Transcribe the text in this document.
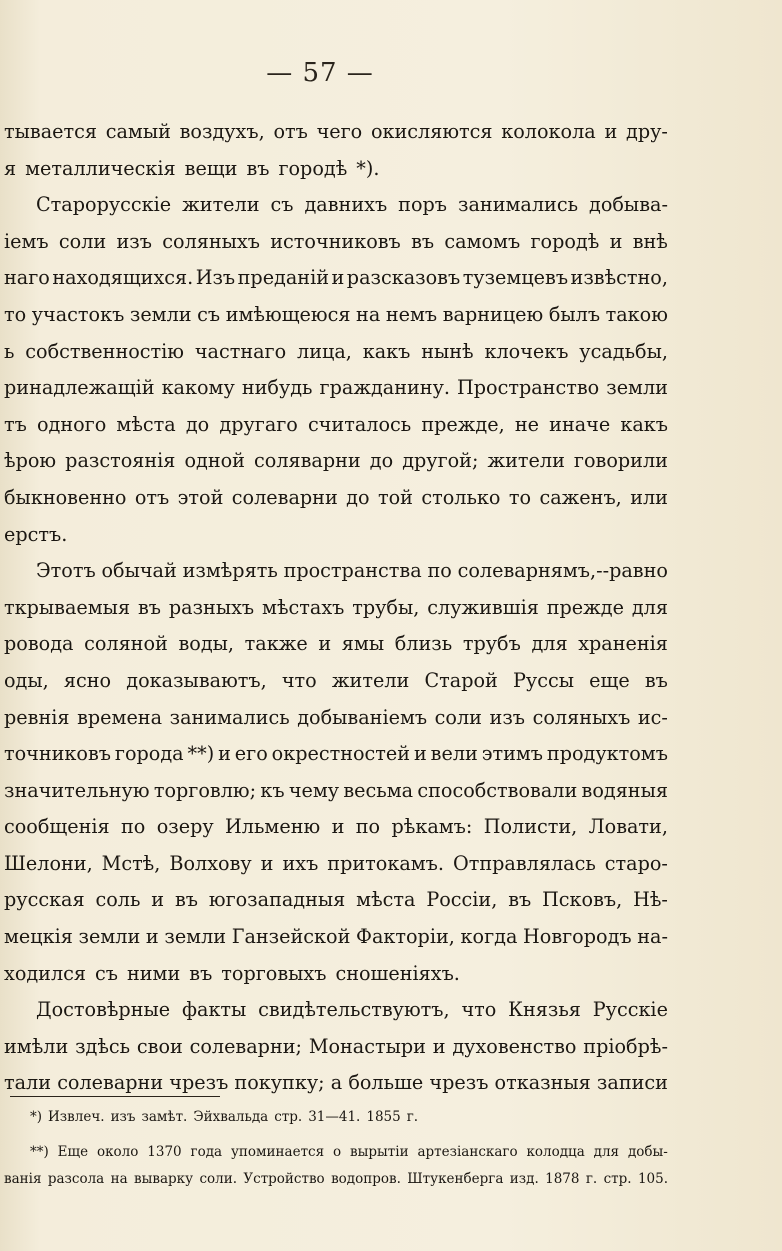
— 57 —
тывается самый воздухъ, отъ чего окисляются колокола и дру-
я металлическія вещи въ городѣ *).
Старорусскіе жители съ давнихъ поръ занимались добыва-
іемъ соли изъ соляныхъ источниковъ въ самомъ городѣ и внѣ
наго находящихся. Изъ преданій и разсказовъ туземцевъ извѣстно,
то участокъ земли съ имѣющеюся на немъ варницею былъ такою
ь собственностію частнаго лица, какъ нынѣ клочекъ усадьбы,
ринадлежащій какому нибудь гражданину. Пространство земли
тъ одного мѣста до другаго считалось прежде, не иначе какъ
ѣрою разстоянія одной соляварни до другой; жители говорили
быкновенно отъ этой солеварни до той столько то саженъ, или
ерстъ.
Этотъ обычай измѣрять пространства по солеварнямъ,--равно
ткрываемыя въ разныхъ мѣстахъ трубы, служившія прежде для
ровода соляной воды, также и ямы близь трубъ для храненія
оды, ясно доказываютъ, что жители Старой Руссы еще въ
ревнія времена занимались добываніемъ соли изъ соляныхъ ис-
точниковъ города **) и его окрестностей и вели этимъ продуктомъ
значительную торговлю; къ чему весьма способствовали водяныя
сообщенія по озеру Ильменю и по рѣкамъ: Полисти, Ловати,
Шелони, Мстѣ, Волхову и ихъ притокамъ. Отправлялась старо-
русская соль и въ югозападныя мѣста Россіи, въ Псковъ, Нѣ-
мецкія земли и земли Ганзейской Факторіи, когда Новгородъ на-
ходился съ ними въ торговыхъ сношеніяхъ.
Достовѣрные факты свидѣтельствуютъ, что Князья Русскіе
имѣли здѣсь свои солеварни; Монастыри и духовенство пріобрѣ-
тали солеварни чрезъ покупку; а больше чрезъ отказныя записи
*) Извлеч. изъ замѣт. Эйхвальда стр. 31—41. 1855 г.
**) Еще около 1370 года упоминается о вырытіи артезіанскаго колодца для добы-
ванія разсола на выварку соли. Устройство водопров. Штукенберга изд. 1878 г. стр. 105.
